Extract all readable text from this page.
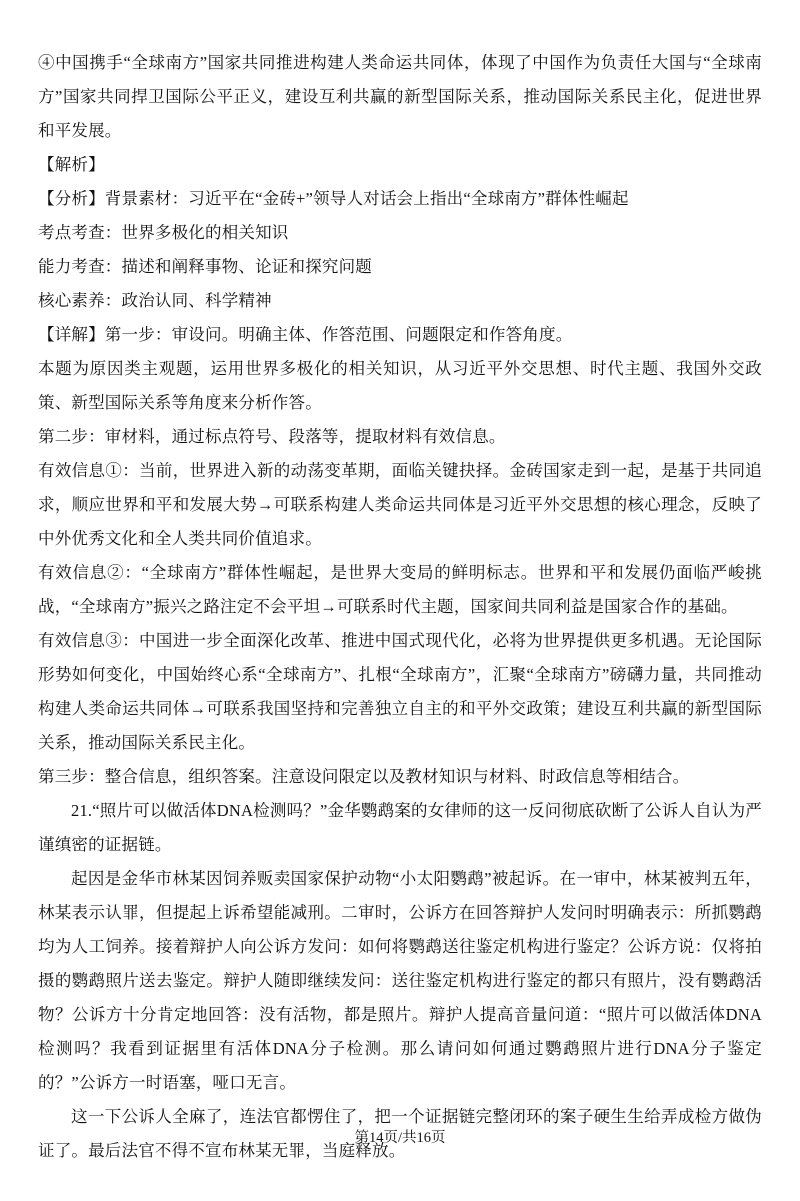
④中国携手“全球南方”国家共同推进构建人类命运共同体，体现了中国作为负责任大国与“全球南方”国家共同捍卫国际公平正义，建设互利共赢的新型国际关系，推动国际关系民主化，促进世界和平发展。

【解析】

【分析】背景素材：习近平在“金砖+”领导人对话会上指出“全球南方”群体性崛起

考点考查：世界多极化的相关知识

能力考查：描述和阐释事物、论证和探究问题

核心素养：政治认同、科学精神

【详解】第一步：审设问。明确主体、作答范围、问题限定和作答角度。

本题为原因类主观题，运用世界多极化的相关知识，从习近平外交思想、时代主题、我国外交政策、新型国际关系等角度来分析作答。

第二步：审材料，通过标点符号、段落等，提取材料有效信息。

有效信息①：当前，世界进入新的动荡变革期，面临关键抉择。金砖国家走到一起，是基于共同追求，顺应世界和平和发展大势→可联系构建人类命运共同体是习近平外交思想的核心理念，反映了中外优秀文化和全人类共同价值追求。

有效信息②：“全球南方”群体性崛起，是世界大变局的鲜明标志。世界和平和发展仍面临严峻挑战，“全球南方”振兴之路注定不会平坦→可联系时代主题，国家间共同利益是国家合作的基础。

有效信息③：中国进一步全面深化改革、推进中国式现代化，必将为世界提供更多机遇。无论国际形势如何变化，中国始终心系“全球南方”、扎根“全球南方”，汇聚“全球南方”磅礴力量，共同推动构建人类命运共同体→可联系我国坚持和完善独立自主的和平外交政策；建设互利共赢的新型国际关系，推动国际关系民主化。

第三步：整合信息，组织答案。注意设问限定以及教材知识与材料、时政信息等相结合。

21.“照片可以做活体DNA检测吗？”金华鹦鹉案的女律师的这一反问彻底砍断了公诉人自认为严谨缜密的证据链。

起因是金华市林某因饲养贩卖国家保护动物“小太阳鹦鹉”被起诉。在一审中，林某被判五年，林某表示认罪，但提起上诉希望能减刑。二审时，公诉方在回答辩护人发问时明确表示：所抓鹦鹉均为人工饲养。接着辩护人向公诉方发问：如何将鹦鹉送往鉴定机构进行鉴定？公诉方说：仅将拍摄的鹦鹉照片送去鉴定。辩护人随即继续发问：送往鉴定机构进行鉴定的都只有照片，没有鹦鹉活物？公诉方十分肯定地回答：没有活物，都是照片。辩护人提高音量问道：“照片可以做活体DNA检测吗？我看到证据里有活体DNA分子检测。那么请问如何通过鹦鹉照片进行DNA分子鉴定的？”公诉方一时语塞，哑口无言。

这一下公诉人全麻了，连法官都愣住了，把一个证据链完整闭环的案子硬生生给弄成检方做伪证了。最后法官不得不宣布林某无罪，当庭释放。

第14页/共16页
